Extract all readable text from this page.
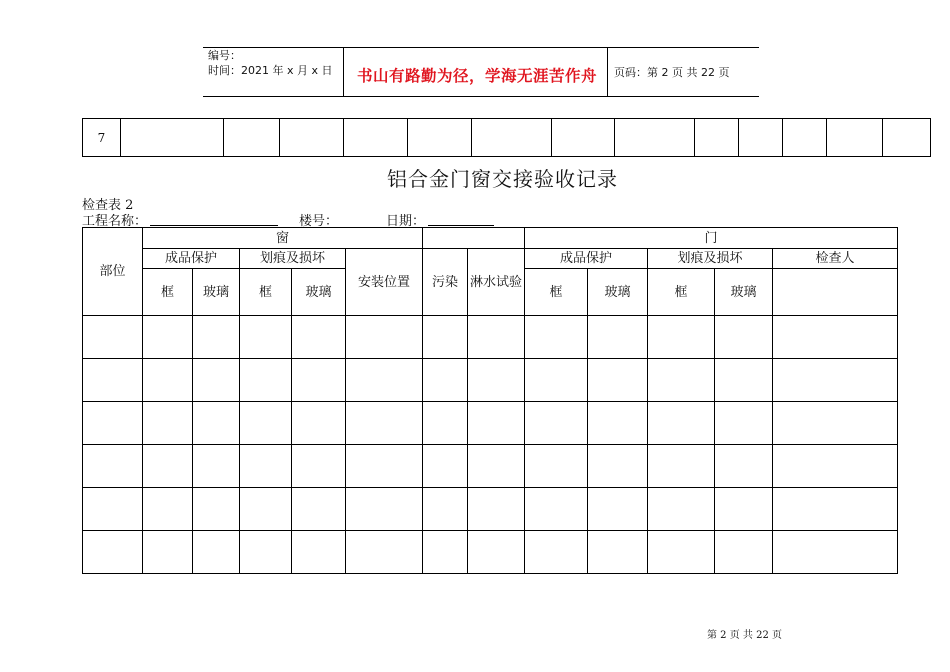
编号：
时间：2021 年 x 月 x 日 书山有路勤为径，学海无涯苦作舟 页码：第 2 页 共 22 页
7													
铝合金门窗交接验收记录
检查表 2
工程名称：	楼号：	日期：
部位	窗							门				
	成品保护		划痕及损坏		安装位置	污染	淋水试验	成品保护		划痕及损坏		检查人
	框	玻璃	框	玻璃				框	玻璃	框	玻璃	

第 2 页 共 22 页
